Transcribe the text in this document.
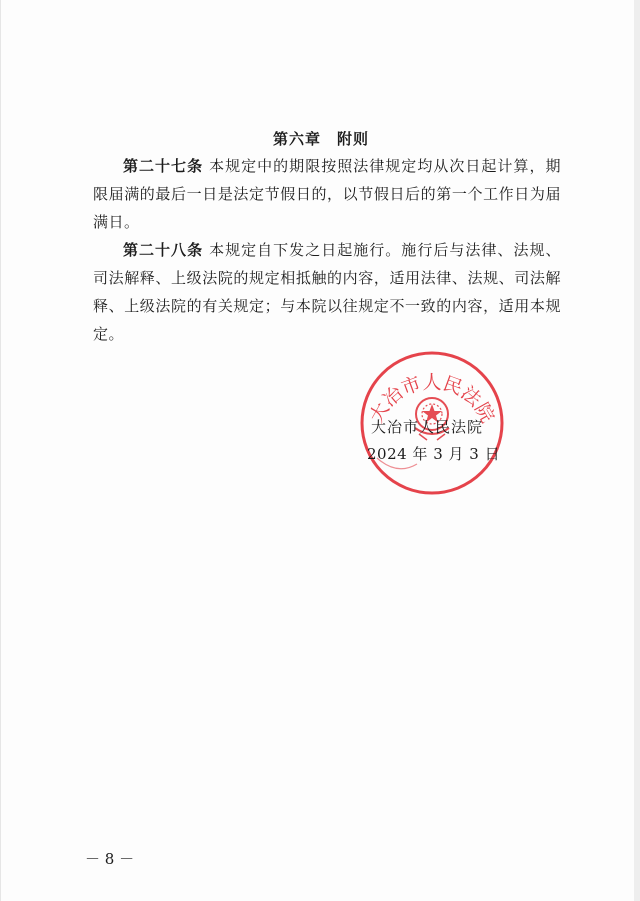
第六章　附则

第二十七条 本规定中的期限按照法律规定均从次日起计算，期限届满的最后一日是法定节假日的，以节假日后的第一个工作日为届满日。

第二十八条 本规定自下发之日起施行。施行后与法律、法规、司法解释、上级法院的规定相抵触的内容，适用法律、法规、司法解释、上级法院的有关规定；与本院以往规定不一致的内容，适用本规定。

大冶市人民法院
大冶市人民法院
2024 年 3 月 3 日
－ 8 －
